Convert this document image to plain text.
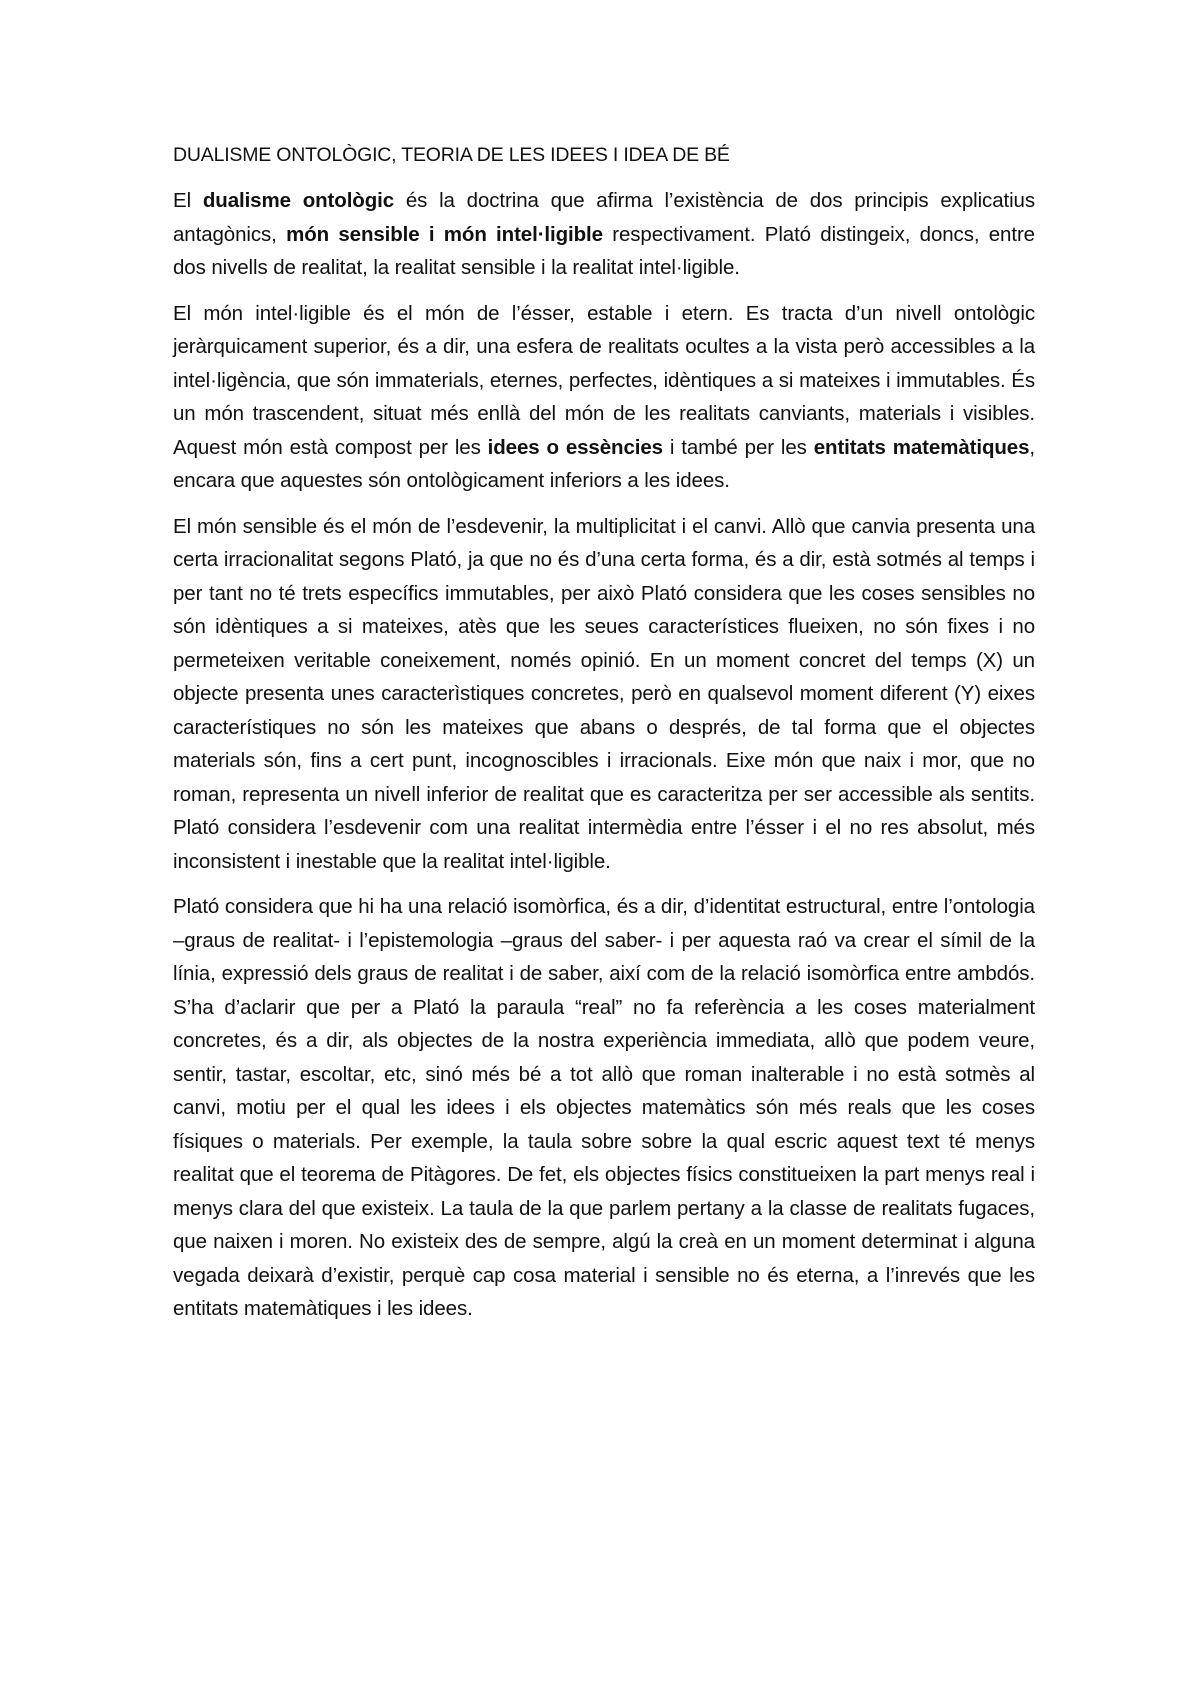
DUALISME ONTOLÒGIC, TEORIA DE LES IDEES I IDEA DE BÉ

El dualisme ontològic és la doctrina que afirma l’existència de dos principis explicatius antagònics, món sensible i món intel·ligible respectivament. Plató distingeix, doncs, entre dos nivells de realitat, la realitat sensible i la realitat intel·ligible.

El món intel·ligible és el món de l’ésser, estable i etern. Es tracta d’un nivell ontològic jeràrquicament superior, és a dir, una esfera de realitats ocultes a la vista però accessibles a la intel·ligència, que són immaterials, eternes, perfectes, idèntiques a si mateixes i immutables. És un món trascendent, situat més enllà del món de les realitats canviants, materials i visibles. Aquest món està compost per les idees o essències i també per les entitats matemàtiques, encara que aquestes són ontològicament inferiors a les idees.

El món sensible és el món de l’esdevenir, la multiplicitat i el canvi. Allò que canvia presenta una certa irracionalitat segons Plató, ja que no és d’una certa forma, és a dir, està sotmés al temps i per tant no té trets específics immutables, per això Plató considera que les coses sensibles no són idèntiques a si mateixes, atès que les seues característices flueixen, no són fixes i no permeteixen veritable coneixement, només opinió. En un moment concret del temps (X) un objecte presenta unes caracterìstiques concretes, però en qualsevol moment diferent (Y) eixes característiques no són les mateixes que abans o després, de tal forma que el objectes materials són, fins a cert punt, incognoscibles i irracionals. Eixe món que naix i mor, que no roman, representa un nivell inferior de realitat que es caracteritza per ser accessible als sentits. Plató considera l’esdevenir com una realitat intermèdia entre l’ésser i el no res absolut, més inconsistent i inestable que la realitat intel·ligible.

Plató considera que hi ha una relació isomòrfica, és a dir, d’identitat estructural, entre l’ontologia –graus de realitat- i l’epistemologia –graus del saber- i per aquesta raó va crear el símil de la línia, expressió dels graus de realitat i de saber, així com de la relació isomòrfica entre ambdós. S’ha d’aclarir que per a Plató la paraula “real” no fa referència a les coses materialment concretes, és a dir, als objectes de la nostra experiència immediata, allò que podem veure, sentir, tastar, escoltar, etc, sinó més bé a tot allò que roman inalterable i no està sotmès al canvi, motiu per el qual les idees i els objectes matemàtics són més reals que les coses físiques o materials. Per exemple, la taula sobre sobre la qual escric aquest text té menys realitat que el teorema de Pitàgores. De fet, els objectes físics constitueixen la part menys real i menys clara del que existeix. La taula de la que parlem pertany a la classe de realitats fugaces, que naixen i moren. No existeix des de sempre, algú la creà en un moment determinat i alguna vegada deixarà d’existir, perquè cap cosa material i sensible no és eterna, a l’inrevés que les entitats matemàtiques i les idees.
